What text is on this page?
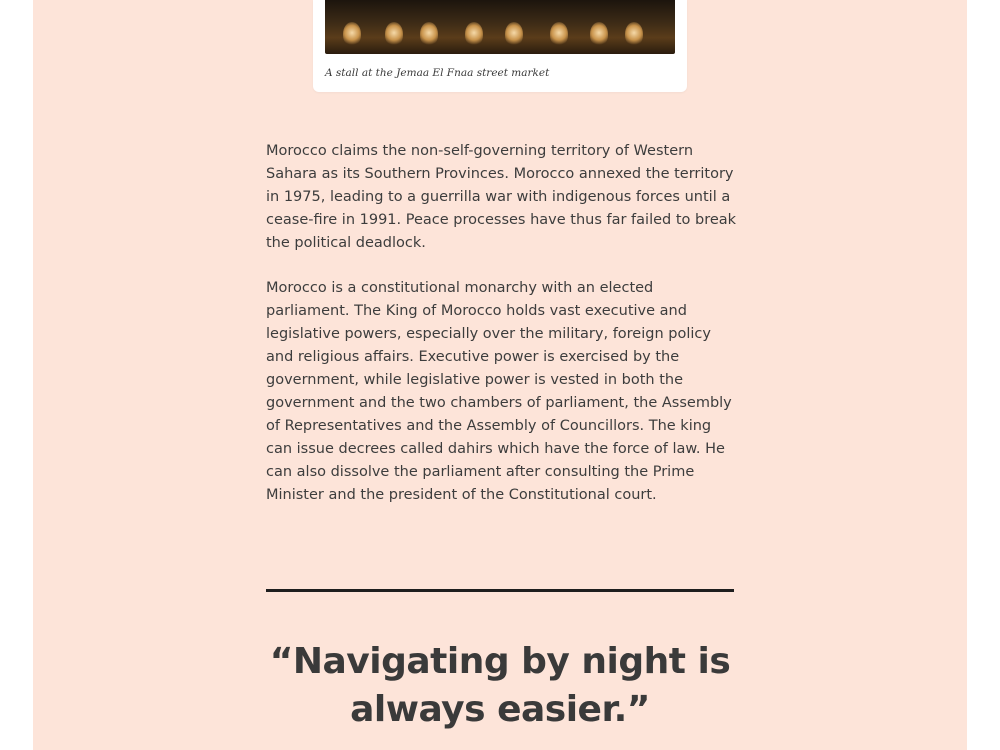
A stall at the Jemaa El Fnaa street market

Morocco claims the non-self-governing territory of Western Sahara as its Southern Provinces. Morocco annexed the territory in 1975, leading to a guerrilla war with indigenous forces until a cease-fire in 1991. Peace processes have thus far failed to break the political deadlock.

Morocco is a constitutional monarchy with an elected parliament. The King of Morocco holds vast executive and legislative powers, especially over the military, foreign policy and religious affairs. Executive power is exercised by the government, while legislative power is vested in both the government and the two chambers of parliament, the Assembly of Representatives and the Assembly of Councillors. The king can issue decrees called dahirs which have the force of law. He can also dissolve the parliament after consulting the Prime Minister and the president of the Constitutional court.

“Navigating by night is always easier.”
